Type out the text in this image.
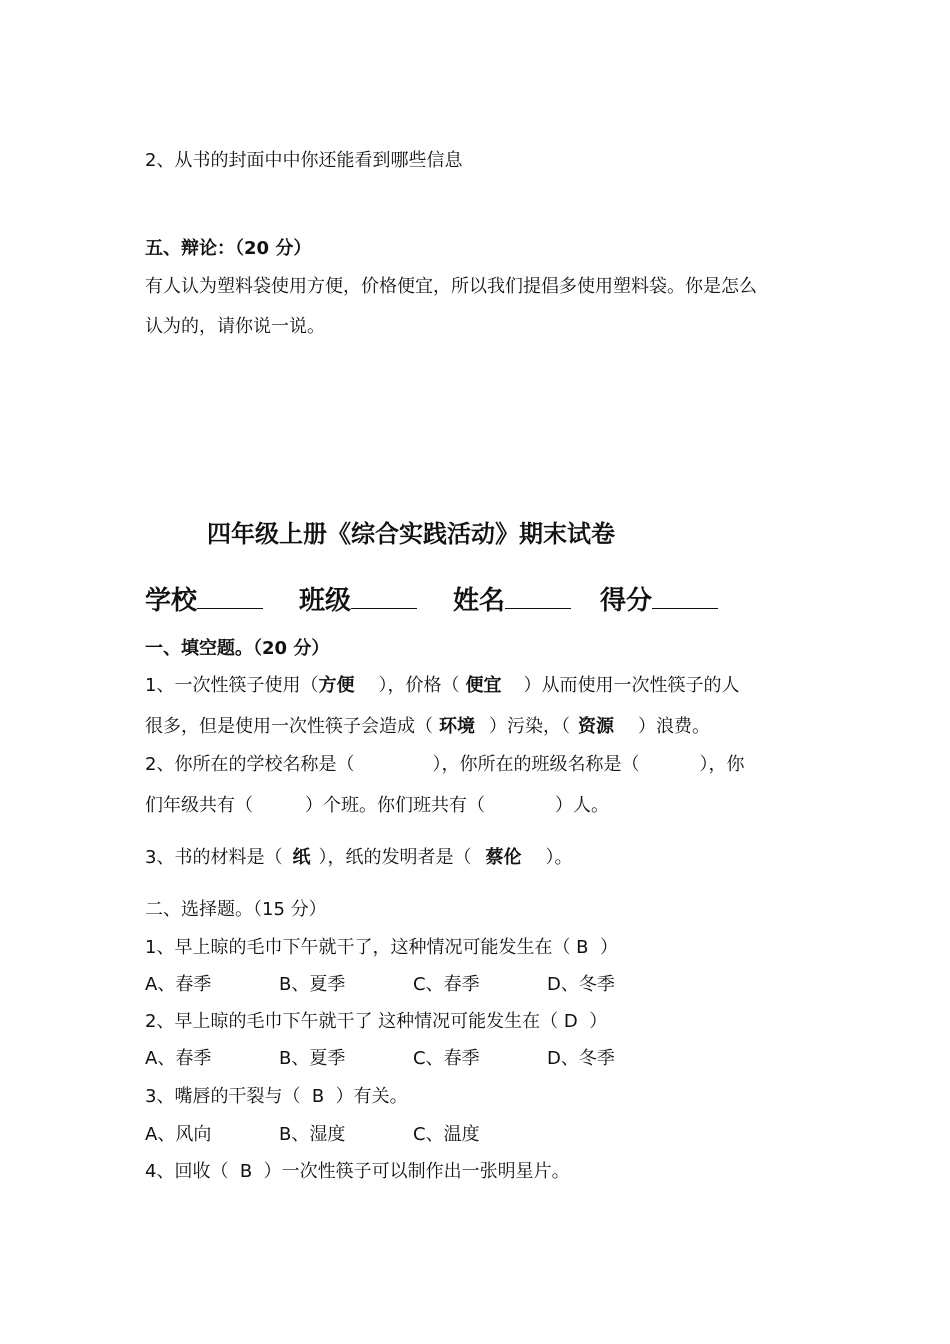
2、从书的封面中中你还能看到哪些信息
五、辩论：（20 分）
有人认为塑料袋使用方便，价格便宜，所以我们提倡多使用塑料袋。你是怎么
认为的，请你说一说。
四年级上册《综合实践活动》期末试卷
学校	班级	姓名	得分
一、填空题。（20 分）
1、一次性筷子使用（方便 ），价格（ 便宜 ）从而使用一次性筷子的人
很多，但是使用一次性筷子会造成（ 环境 ）污染，（ 资源 ）浪费。
2、你所在的学校名称是（	），你所在的班级名称是（	），你
们年级共有（	）个班。你们班共有（	）人。
3、书的材料是（ 纸 ），纸的发明者是（ 蔡伦 ）。
二、选择题。（15 分）
1、早上晾的毛巾下午就干了，这种情况可能发生在（ B  ）
A、春季	B、夏季	C、春季	D、冬季
2、早上晾的毛巾下午就干了 这种情况可能发生在（ D  ）
A、春季	B、夏季	C、春季	D、冬季
3、嘴唇的干裂与（  B  ）有关。
A、风向	B、湿度	C、温度
4、回收（  B  ）一次性筷子可以制作出一张明星片。
